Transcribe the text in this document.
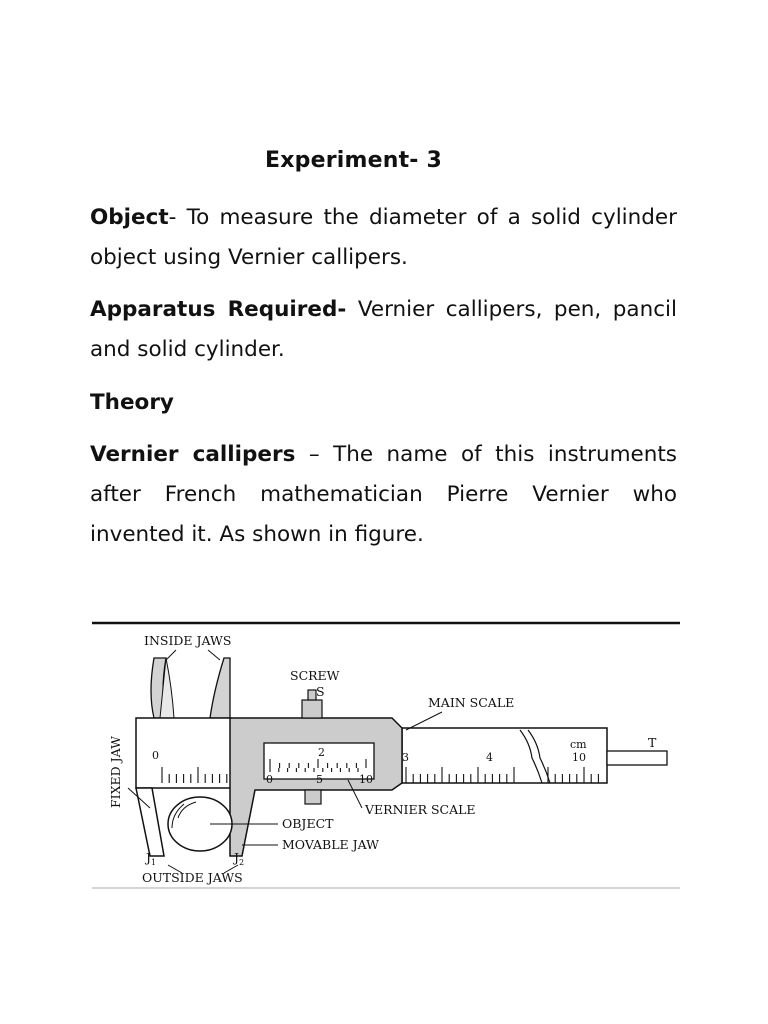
Experiment- 3
Object- To measure the diameter of a solid cylinder object using Vernier callipers.
Apparatus Required- Vernier callipers, pen, pancil and solid cylinder.
Theory
Vernier callipers – The name of this instruments after French mathematician Pierre Vernier who invented it. As shown in figure.
0	2	3	4	10
cm	T
0	5	10
INSIDE JAWS
SCREW
S
MAIN SCALE
FIXED JAW
VERNIER SCALE
OBJECT
MOVABLE JAW
$J_1$	$J_2$
OUTSIDE JAWS
